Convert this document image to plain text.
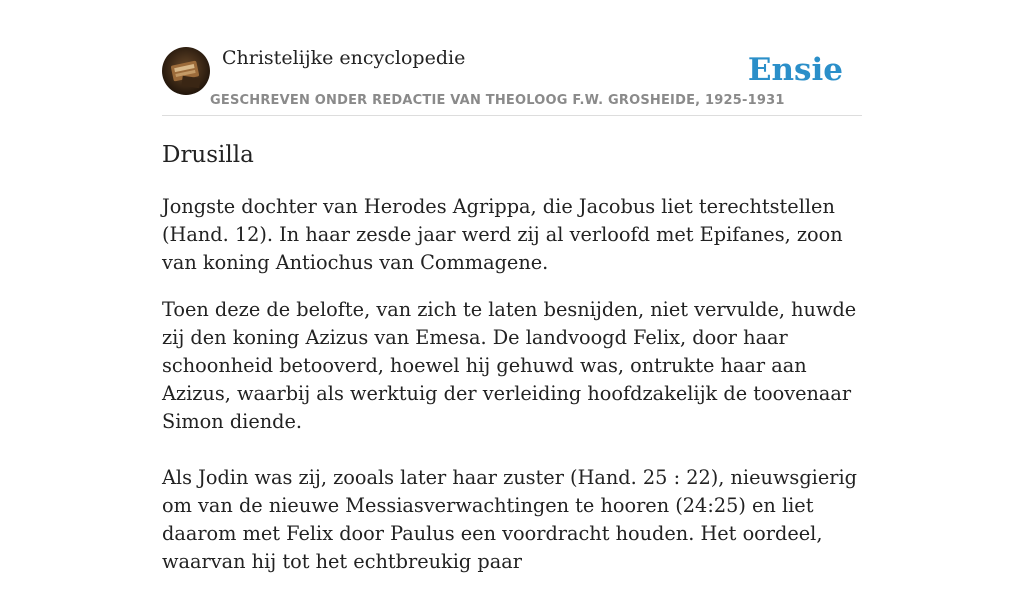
Christelijke encyclopedie
GESCHREVEN ONDER REDACTIE VAN THEOLOOG F.W. GROSHEIDE, 1925-1931
Ensie
Drusilla

Jongste dochter van Herodes Agrippa, die Jacobus liet terechtstellen (Hand. 12). In haar zesde jaar werd zij al verloofd met Epifanes, zoon van koning Antiochus van Commagene.

Toen deze de belofte, van zich te laten besnijden, niet vervulde, huwde zij den koning Azizus van Emesa. De landvoogd Felix, door haar schoonheid betooverd, hoewel hij gehuwd was, ontrukte haar aan Azizus, waarbij als werktuig der verleiding hoofdzakelijk de toovenaar Simon diende.

Als Jodin was zij, zooals later haar zuster (Hand. 25 : 22), nieuwsgierig om van de nieuwe Messiasverwachtingen te hooren (24:25) en liet daarom met Felix door Paulus een voordracht houden. Het oordeel, waarvan hij tot het echtbreukig paar
